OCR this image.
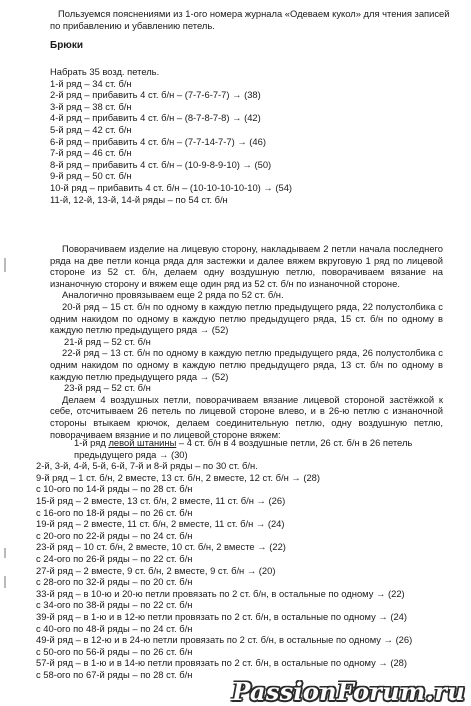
Пользуемся пояснениями из 1-ого номера журнала «Одеваем кукол» для чтения записей по прибавлению и убавлению петель.
Брюки
Набрать 35 возд. петель.
1-й ряд – 34 ст. б/н
2-й ряд – прибавить 4 ст. б/н – (7-7-6-7-7) → (38)
3-й ряд – 38 ст. б/н
4-й ряд – прибавить 4 ст. б/н – (8-7-8-7-8) → (42)
5-й ряд – 42 ст. б/н
6-й ряд – прибавить 4 ст. б/н – (7-7-14-7-7) → (46)
7-й ряд – 46 ст. б/н
8-й ряд – прибавить 4 ст. б/н – (10-9-8-9-10) → (50)
9-й ряд – 50 ст. б/н
10-й ряд – прибавить 4 ст. б/н – (10-10-10-10-10) → (54)
11-й, 12-й, 13-й, 14-й ряды – по 54 ст. б/н
Поворачиваем изделие на лицевую сторону, накладываем 2 петли начала последнего ряда на две петли конца ряда для застежки и далее вяжем вкруговую 1 ряд по лицевой стороне из 52 ст. б/н, делаем одну воздушную петлю, поворачиваем вязание на изнаночную сторону и вяжем еще один ряд из 52 ст. б/н по изнаночной стороне.
Аналогично провязываем еще 2 ряда по 52 ст. б/н.
20-й ряд – 15 ст. б/н по одному в каждую петлю предыдущего ряда, 22 полустолбика с одним накидом по одному в каждую петлю предыдущего ряда, 15 ст. б/н по одному в каждую петлю предыдущего ряда → (52)
21-й ряд – 52 ст. б/н
22-й ряд – 13 ст. б/н по одному в каждую петлю предыдущего ряда, 26 полустолбика с одним накидом по одному в каждую петлю предыдущего ряда, 13 ст. б/н по одному в каждую петлю предыдущего ряда → (52)
23-й ряд – 52 ст. б/н
Делаем 4 воздушных петли, поворачиваем вязание лицевой стороной застёжкой к себе, отсчитываем 26 петель по лицевой стороне влево, и в 26-ю петлю с изнаночной стороны втыкаем крючок, делаем соединительную петлю, одну воздушную петлю, поворачиваем вязание и по лицевой стороне вяжем:
1-й ряд левой штанины – 4 ст. б/н в 4 воздушные петли, 26 ст. б/н в 26 петель предыдущего ряда → (30)
2-й, 3-й, 4-й, 5-й, 6-й, 7-й и 8-й ряды – по 30 ст. б/н.
9-й ряд – 1 ст. б/н, 2 вместе, 13 ст. б/н, 2 вместе, 12 ст. б/н → (28)
с 10-ого по 14-й ряды – по 28 ст. б/н
15-й ряд – 2 вместе, 13 ст. б/н, 2 вместе, 11 ст. б/н → (26)
с 16-ого по 18-й ряды – по 26 ст. б/н
19-й ряд – 2 вместе, 11 ст. б/н, 2 вместе, 11 ст. б/н → (24)
с 20-ого по 22-й ряды – по 24 ст. б/н
23-й ряд – 10 ст. б/н, 2 вместе, 10 ст. б/н, 2 вместе → (22)
с 24-ого по 26-й ряды – по 22 ст. б/н
27-й ряд – 2 вместе, 9 ст. б/н, 2 вместе, 9 ст. б/н → (20)
с 28-ого по 32-й ряды – по 20 ст. б/н
33-й ряд – в 10-ю и 20-ю петли провязать по 2 ст. б/н, в остальные по одному → (22)
с 34-ого по 38-й ряды – по 22 ст. б/н
39-й ряд – в 1-ю и в 12-ю петли провязать по 2 ст. б/н, в остальные по одному → (24)
с 40-ого по 48-й ряды – по 24 ст. б/н
49-й ряд – в 12-ю и в 24-ю петли провязать по 2 ст. б/н, в остальные по одному → (26)
с 50-ого по 56-й ряды – по 26 ст. б/н
57-й ряд – в 1-ю и в 14-ю петли провязать по 2 ст. б/н, в остальные по одному → (28)
с 58-ого по 67-й ряды – по 28 ст. б/н
PassionForum.ru
